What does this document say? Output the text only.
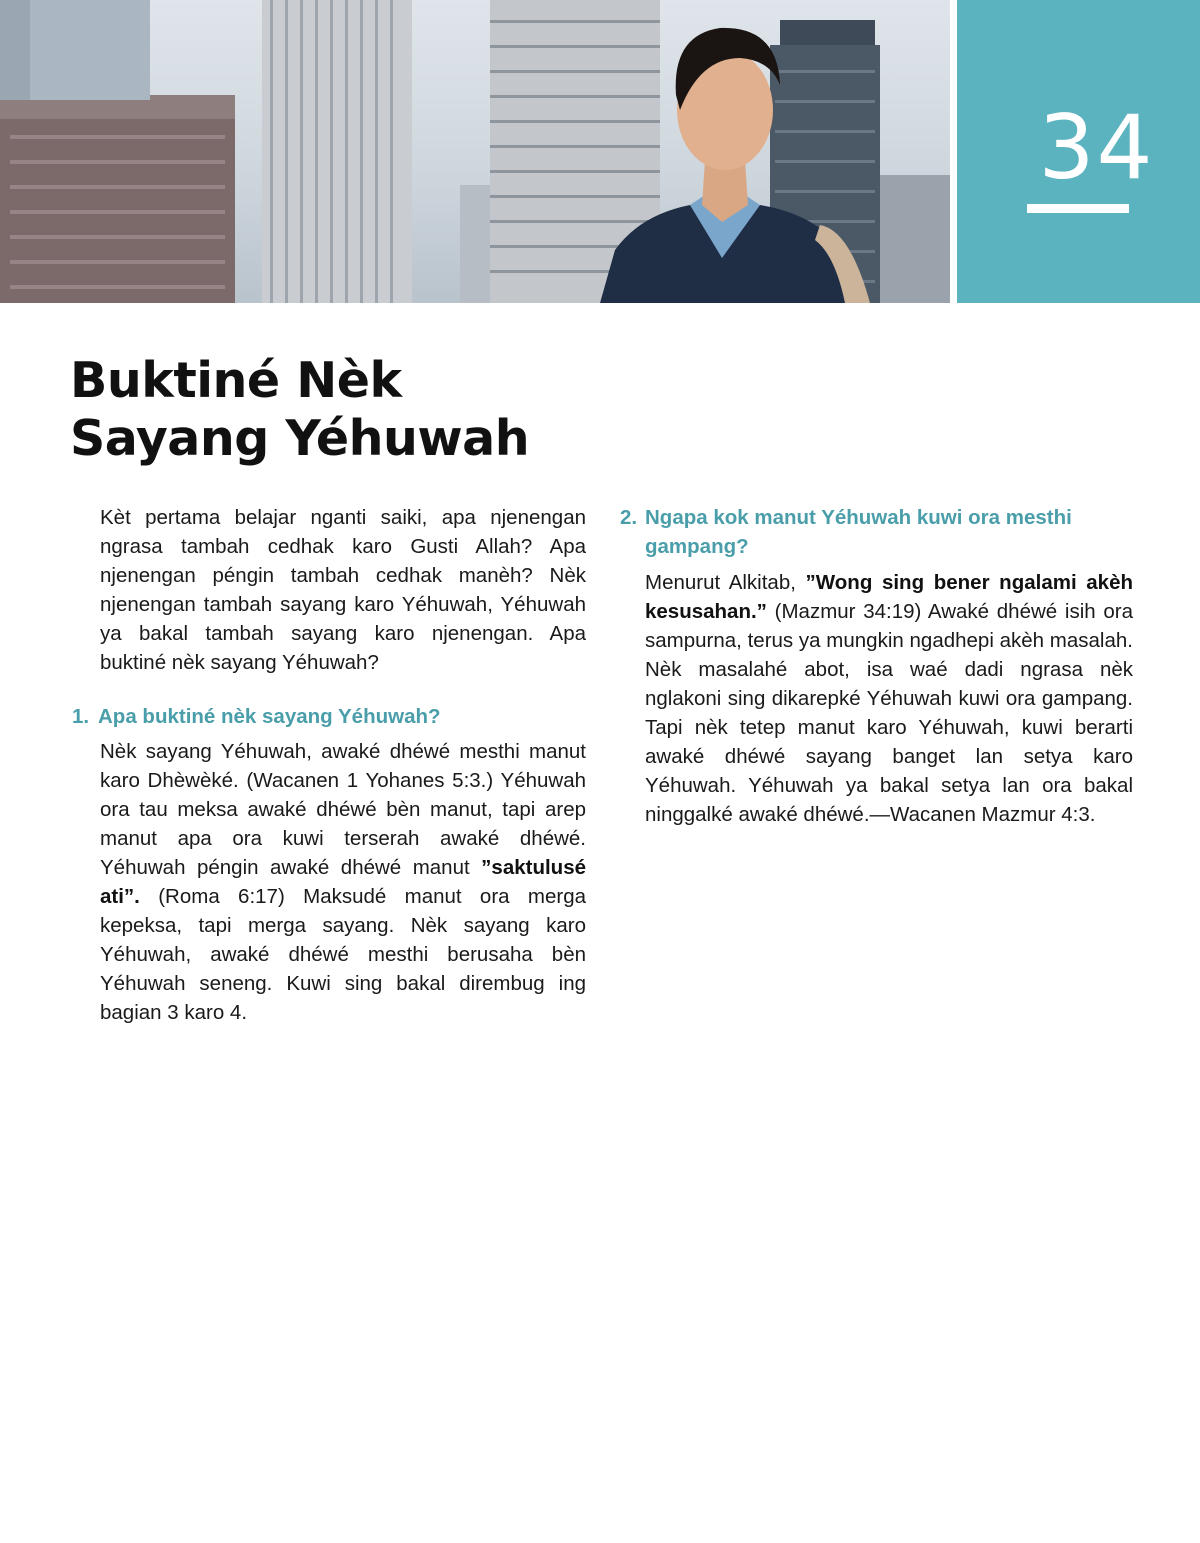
34
Buktiné Nèk
Sayang Yéhuwah

Kèt pertama belajar nganti saiki, apa njenengan ngrasa tambah cedhak karo Gusti Allah? Apa njenengan péngin tambah cedhak manèh? Nèk njenengan tambah sayang karo Yéhuwah, Yéhuwah ya bakal tambah sayang karo njenengan. Apa buktiné nèk sayang Yéhuwah?

1. Apa buktiné nèk sayang Yéhuwah?

Nèk sayang Yéhuwah, awaké dhéwé mesthi manut karo Dhèwèké. (Wacanen 1 Yohanes 5:3.) Yéhuwah ora tau meksa awaké dhéwé bèn manut, tapi arep manut apa ora kuwi terserah awaké dhéwé. Yéhuwah péngin awaké dhéwé manut ”saktulusé ati”. (Roma 6:17) Maksudé manut ora merga kepeksa, tapi merga sayang. Nèk sayang karo Yéhuwah, awaké dhéwé mesthi berusaha bèn Yéhuwah seneng. Kuwi sing bakal dirembug ing bagian 3 karo 4.

2. Ngapa kok manut Yéhuwah kuwi ora mesthi
gampang?

Menurut Alkitab, ”Wong sing bener ngalami akèh kesusahan.” (Mazmur 34:19) Awaké dhéwé isih ora sampurna, terus ya mungkin ngadhepi akèh masalah. Nèk masalahé abot, isa waé dadi ngrasa nèk nglakoni sing dikarepké Yéhuwah kuwi ora gampang. Tapi nèk tetep manut karo Yéhuwah, kuwi berarti awaké dhéwé sayang banget lan setya karo Yéhuwah. Yéhuwah ya bakal setya lan ora bakal ninggalké awaké dhéwé.—Wacanen Mazmur 4:3.
